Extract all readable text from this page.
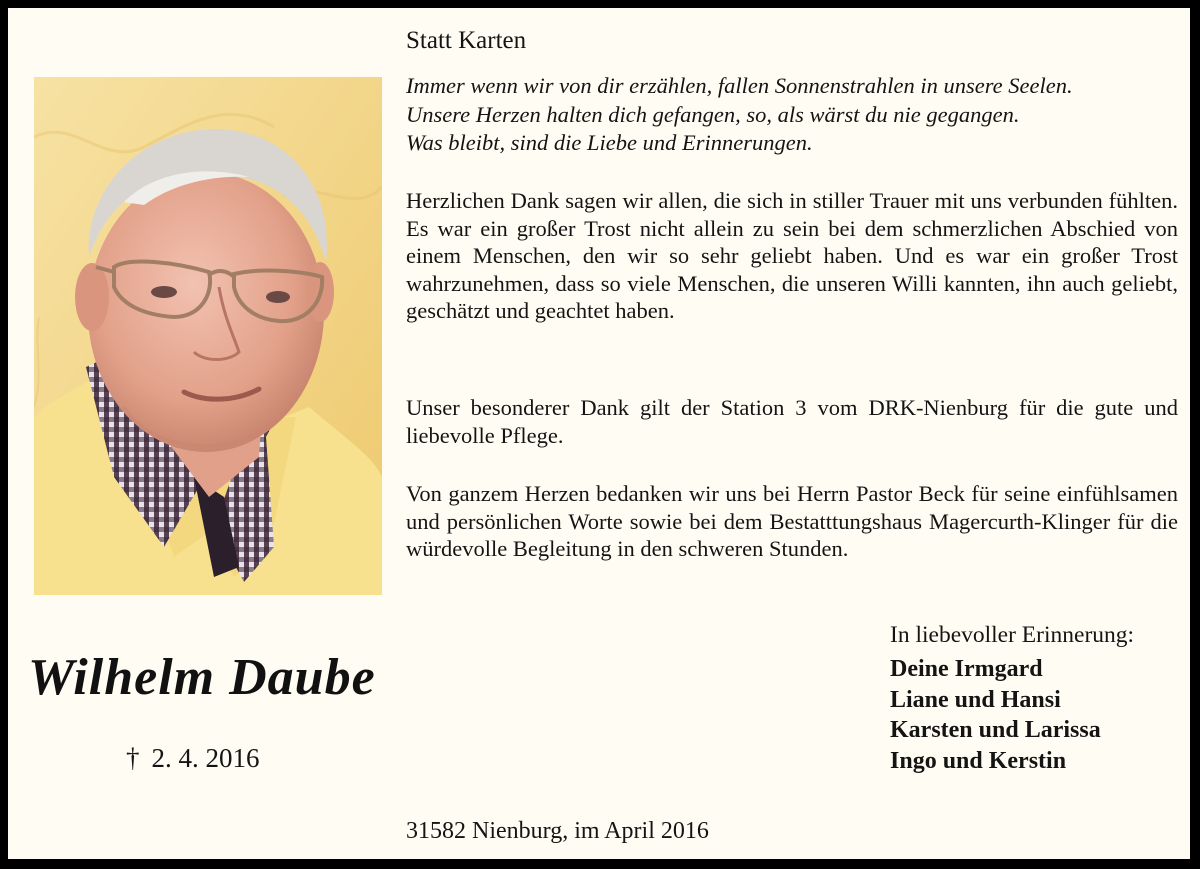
Statt Karten
Immer wenn wir von dir erzählen, fallen Sonnenstrahlen in unsere Seelen.
Unsere Herzen halten dich gefangen, so, als wärst du nie gegangen.
Was bleibt, sind die Liebe und Erinnerungen.
Herzlichen Dank sagen wir allen, die sich in stiller Trauer mit uns verbunden fühlten. Es war ein großer Trost nicht allein zu sein bei dem schmerzlichen Abschied von einem Menschen, den wir so sehr geliebt haben. Und es war ein großer Trost wahrzunehmen, dass so viele Menschen, die unseren Willi kannten, ihn auch geliebt, geschätzt und geachtet haben.
Unser besonderer Dank gilt der Station 3 vom DRK-Nienburg für die gute und liebevolle Pflege.
Von ganzem Herzen bedanken wir uns bei Herrn Pastor Beck für seine einfühlsamen und persönlichen Worte sowie bei dem Bestatttungshaus Magercurth-Klinger für die würdevolle Begleitung in den schweren Stunden.
Wilhelm Daube
† 2. 4. 2016
In liebevoller Erinnerung:
Deine Irmgard
Liane und Hansi
Karsten und Larissa
Ingo und Kerstin
31582 Nienburg, im April 2016
